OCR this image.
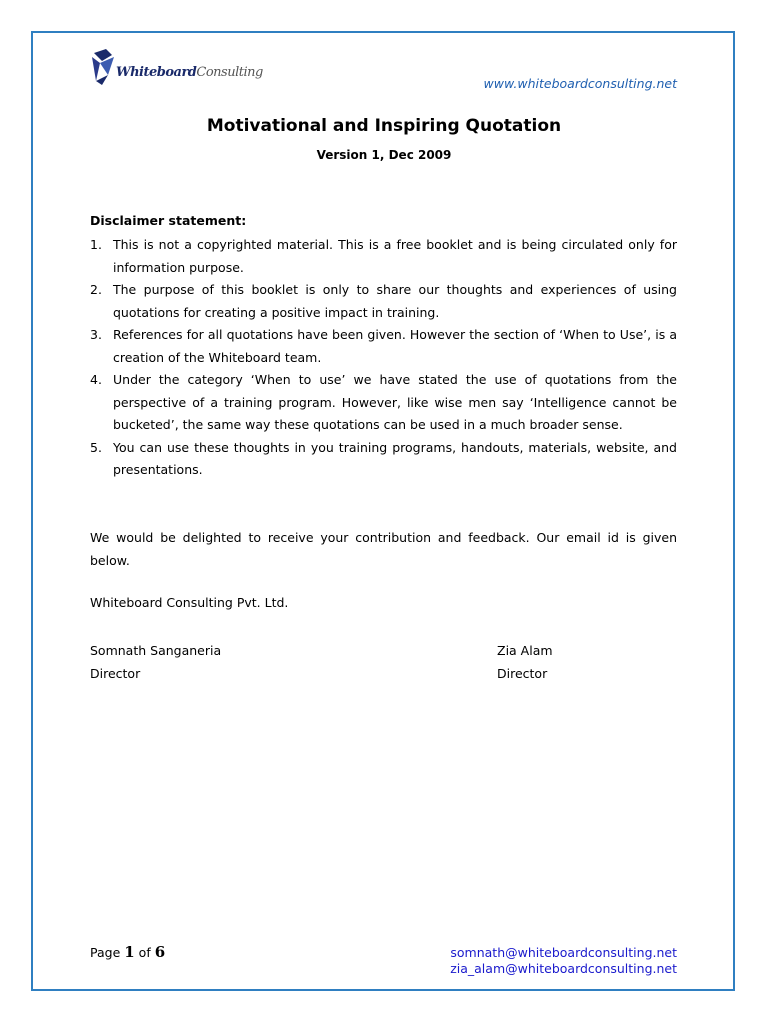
WhiteboardConsulting
www.whiteboardconsulting.net
Motivational and Inspiring Quotation
Version 1, Dec 2009
Disclaimer statement:
1. This is not a copyrighted material. This is a free booklet and is being circulated only for information purpose.
2. The purpose of this booklet is only to share our thoughts and experiences of using quotations for creating a positive impact in training.
3. References for all quotations have been given. However the section of ‘When to Use’, is a creation of the Whiteboard team.
4. Under the category ‘When to use’ we have stated the use of quotations from the perspective of a training program. However, like wise men say ‘Intelligence cannot be bucketed’, the same way these quotations can be used in a much broader sense.
5. You can use these thoughts in you training programs, handouts, materials, website, and presentations.

We would be delighted to receive your contribution and feedback. Our email id is given below.

Whiteboard Consulting Pvt. Ltd.
Somnath Sanganeria
Director
Zia Alam
Director
Page 1 of 6	somnath@whiteboardconsulting.net
zia_alam@whiteboardconsulting.net
